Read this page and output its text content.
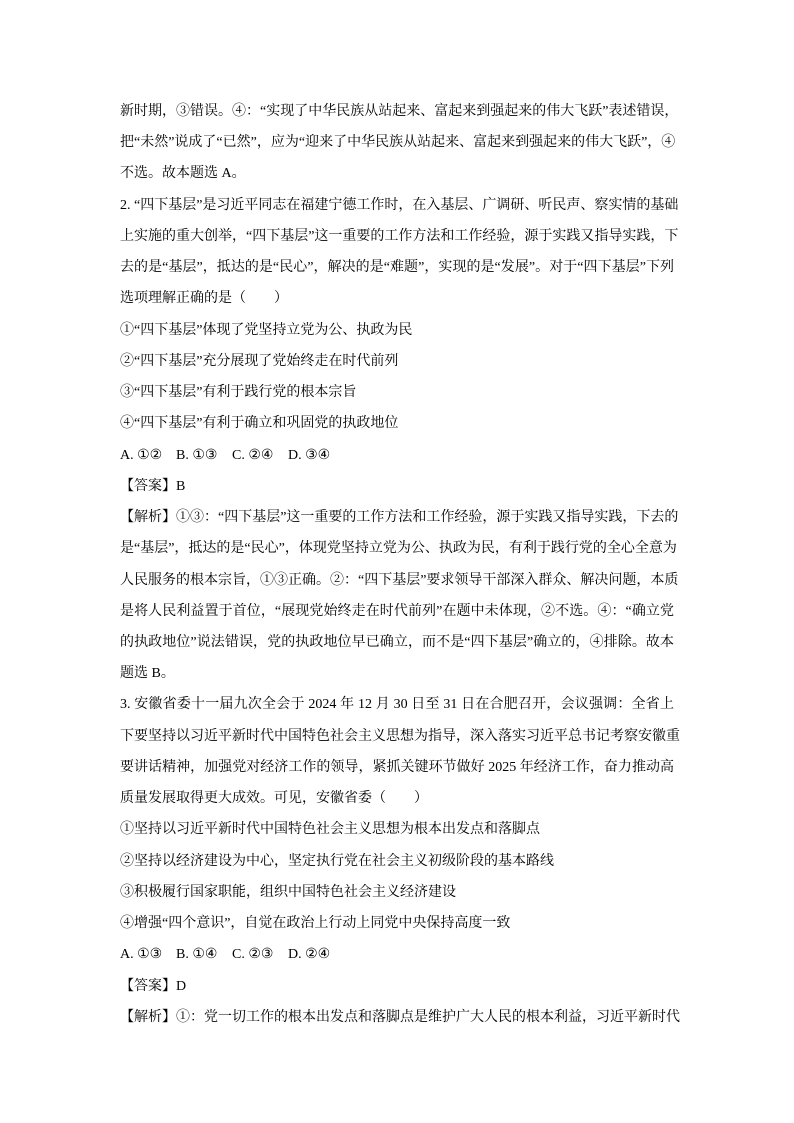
新时期，③错误。④：“实现了中华民族从站起来、富起来到强起来的伟大飞跃”表述错误，
把“未然”说成了“已然”，应为“迎来了中华民族从站起来、富起来到强起来的伟大飞跃”，④
不选。故本题选 A。
2. “四下基层”是习近平同志在福建宁德工作时，在入基层、广调研、听民声、察实情的基础
上实施的重大创举，“四下基层”这一重要的工作方法和工作经验，源于实践又指导实践，下
去的是“基层”，抵达的是“民心”，解决的是“难题”，实现的是“发展”。对于“四下基层”下列
选项理解正确的是（　　）
①“四下基层”体现了党坚持立党为公、执政为民
②“四下基层”充分展现了党始终走在时代前列
③“四下基层”有利于践行党的根本宗旨
④“四下基层”有利于确立和巩固党的执政地位
A. ①② B. ①③ C. ②④ D. ③④
【答案】B
【解析】①③：“四下基层”这一重要的工作方法和工作经验，源于实践又指导实践，下去的
是“基层”，抵达的是“民心”，体现党坚持立党为公、执政为民，有利于践行党的全心全意为
人民服务的根本宗旨，①③正确。②：“四下基层”要求领导干部深入群众、解决问题，本质
是将人民利益置于首位，“展现党始终走在时代前列”在题中未体现，②不选。④：“确立党
的执政地位”说法错误，党的执政地位早已确立，而不是“四下基层”确立的，④排除。故本
题选 B。
3. 安徽省委十一届九次全会于 2024 年 12 月 30 日至 31 日在合肥召开，会议强调：全省上
下要坚持以习近平新时代中国特色社会主义思想为指导，深入落实习近平总书记考察安徽重
要讲话精神，加强党对经济工作的领导，紧抓关键环节做好 2025 年经济工作，奋力推动高
质量发展取得更大成效。可见，安徽省委（　　）
①坚持以习近平新时代中国特色社会主义思想为根本出发点和落脚点
②坚持以经济建设为中心，坚定执行党在社会主义初级阶段的基本路线
③积极履行国家职能，组织中国特色社会主义经济建设
④增强“四个意识”，自觉在政治上行动上同党中央保持高度一致
A. ①③ B. ①④ C. ②③ D. ②④
【答案】D
【解析】①：党一切工作的根本出发点和落脚点是维护广大人民的根本利益，习近平新时代
